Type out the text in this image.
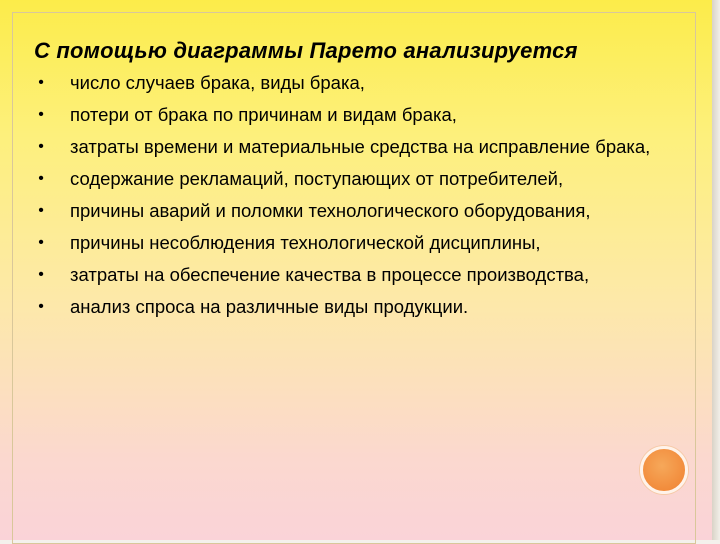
С помощью диаграммы Парето анализируется
• число случаев брака, виды брака,
• потери от брака по причинам и видам брака,
• затраты времени и материальные средства на исправление брака,
• содержание рекламаций, поступающих от потребителей,
• причины аварий и поломки технологического оборудования,
• причины несоблюдения технологической дисциплины,
• затраты на обеспечение качества в процессе производства,
• анализ спроса на различные виды продукции.
